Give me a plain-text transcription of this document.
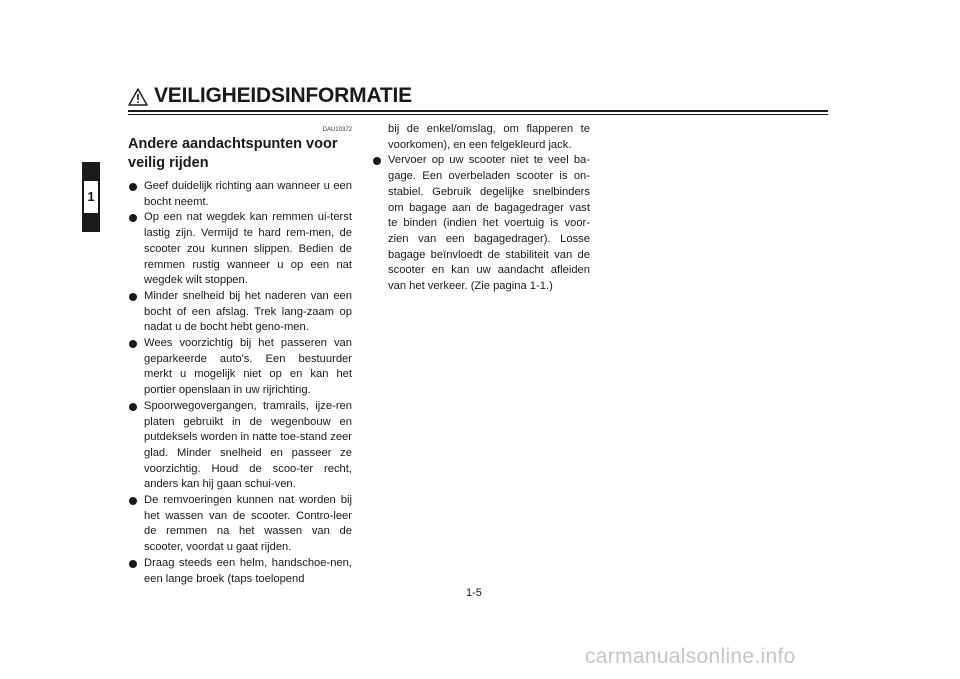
VEILIGHEIDSINFORMATIE
1
DAU10372
Andere aandachtspunten voor
veilig rijden
Geef duidelijk richting aan wanneer u een bocht neemt.
Op een nat wegdek kan remmen ui-terst lastig zijn. Vermijd te hard rem-men, de scooter zou kunnen slippen. Bedien de remmen rustig wanneer u op een nat wegdek wilt stoppen.
Minder snelheid bij het naderen van een bocht of een afslag. Trek lang-zaam op nadat u de bocht hebt geno-men.
Wees voorzichtig bij het passeren van geparkeerde auto's. Een bestuurder merkt u mogelijk niet op en kan het portier openslaan in uw rijrichting.
Spoorwegovergangen, tramrails, ijze-ren platen gebruikt in de wegenbouw en putdeksels worden in natte toe-stand zeer glad. Minder snelheid en passeer ze voorzichtig. Houd de scoo-ter recht, anders kan hij gaan schui-ven.
De remvoeringen kunnen nat worden bij het wassen van de scooter. Contro-leer de remmen na het wassen van de scooter, voordat u gaat rijden.
Draag steeds een helm, handschoe-nen, een lange broek (taps toelopend
bij de enkel/omslag, om flapperen te voorkomen), en een felgekleurd jack.
Vervoer op uw scooter niet te veel ba-gage. Een overbeladen scooter is on-stabiel. Gebruik degelijke snelbinders om bagage aan de bagagedrager vast te binden (indien het voertuig is voor-zien van een bagagedrager). Losse bagage beïnvloedt de stabiliteit van de scooter en kan uw aandacht afleiden van het verkeer. (Zie pagina 1-1.)
1-5
carmanualsonline.info
